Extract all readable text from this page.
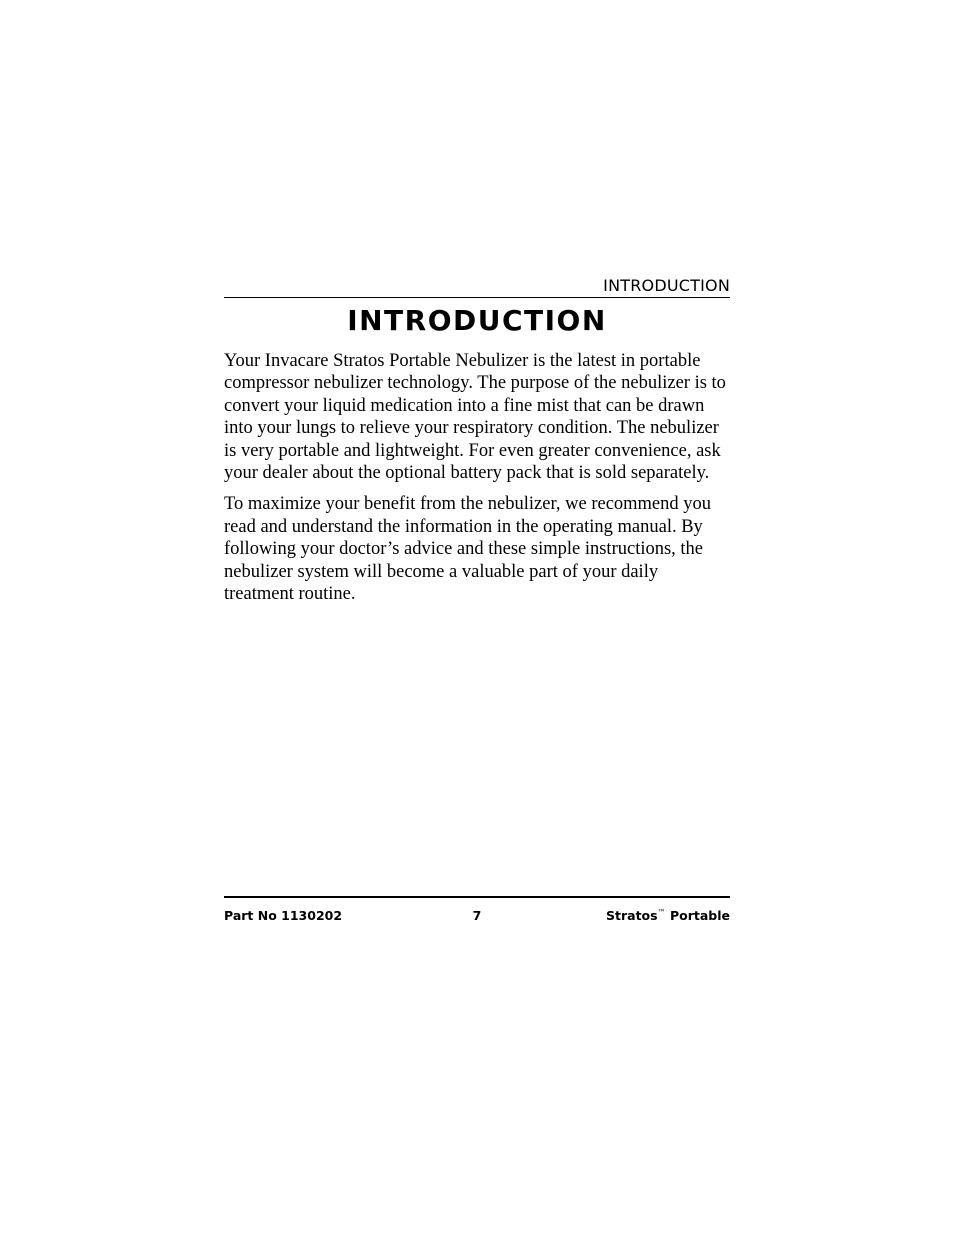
INTRODUCTION
INTRODUCTION

Your Invacare Stratos Portable Nebulizer is the latest in portable compressor nebulizer technology. The purpose of the nebulizer is to convert your liquid medication into a fine mist that can be drawn into your lungs to relieve your respiratory condition. The nebulizer is very portable and lightweight. For even greater convenience, ask your dealer about the optional battery pack that is sold separately.

To maximize your benefit from the nebulizer, we recommend you read and understand the information in the operating manual. By following your doctor’s advice and these simple instructions, the nebulizer system will become a valuable part of your daily treatment routine.

Part No 1130202	7	Stratos™ Portable
